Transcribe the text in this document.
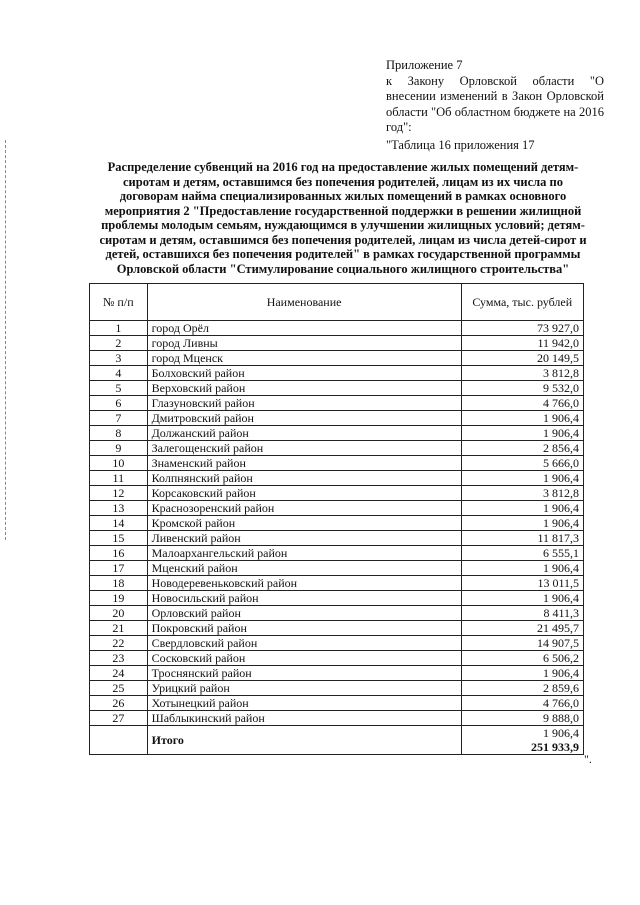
Приложение 7

к Закону Орловской области "О внесении изменений в Закон Орловской области "Об областном бюджете на 2016 год":

"Таблица 16 приложения 17

Распределение субвенций на 2016 год на предоставление жилых помещений детям-сиротам и детям, оставшимся без попечения родителей, лицам из их числа по договорам найма специализированных жилых помещений в рамках основного мероприятия 2 "Предоставление государственной поддержки в решении жилищной проблемы молодым семьям, нуждающимся в улучшении жилищных условий; детям-сиротам и детям, оставшимся без попечения родителей, лицам из числа детей-сирот и детей, оставшихся без попечения родителей" в рамках государственной программы Орловской области "Стимулирование социального жилищного строительства"
№ п/п	Наименование	Сумма, тыс. рублей
1	город Орёл	73 927,0
2	город Ливны	11 942,0
3	город Мценск	20 149,5
4	Болховский район	3 812,8
5	Верховский район	9 532,0
6	Глазуновский район	4 766,0
7	Дмитровский район	1 906,4
8	Должанский район	1 906,4
9	Залегощенский район	2 856,4
10	Знаменский район	5 666,0
11	Колпнянский район	1 906,4
12	Корсаковский район	3 812,8
13	Краснозоренский район	1 906,4
14	Кромской район	1 906,4
15	Ливенский район	11 817,3
16	Малоархангельский район	6 555,1
17	Мценский район	1 906,4
18	Новодеревеньковский район	13 011,5
19	Новосильский район	1 906,4
20	Орловский район	8 411,3
21	Покровский район	21 495,7
22	Свердловский район	14 907,5
23	Сосковский район	6 506,2
24	Троснянский район	1 906,4
25	Урицкий район	2 859,6
26	Хотынецкий район	4 766,0
27	Шаблыкинский район	9 888,0
	Итого	1 906,4
251 933,9
".
